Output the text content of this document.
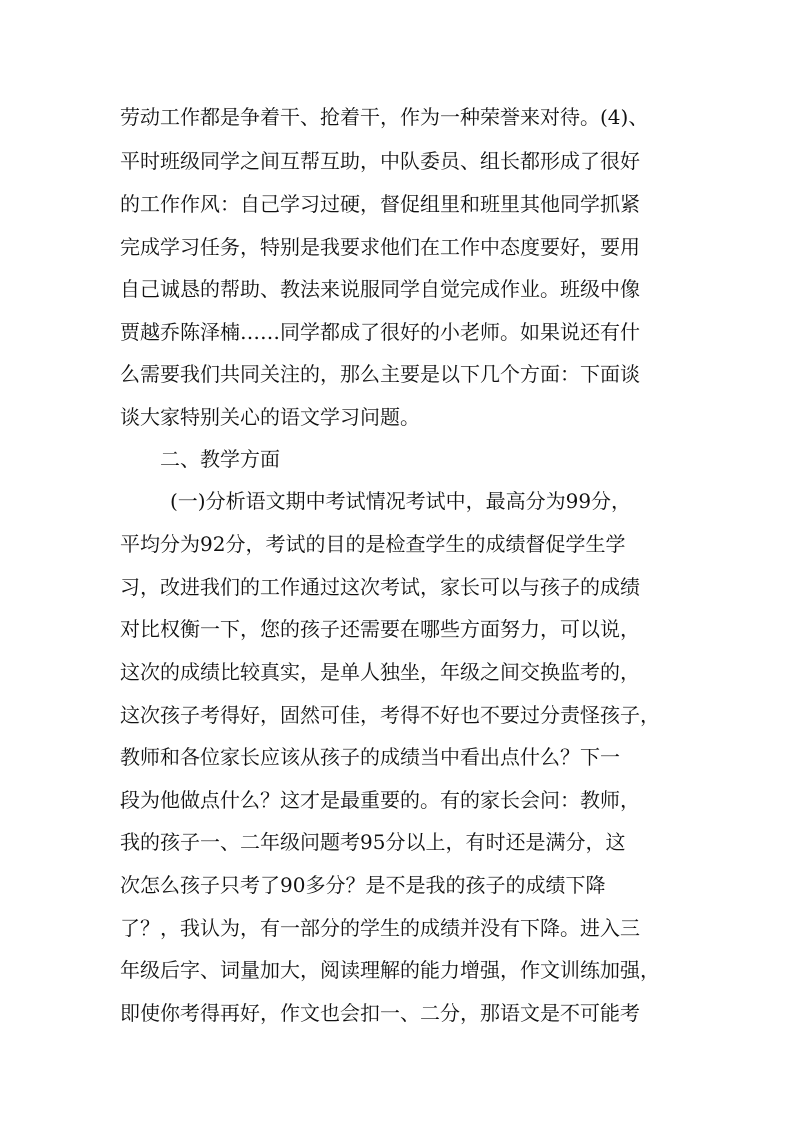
劳动工作都是争着干、抢着干，作为一种荣誉来对待。(4)、
平时班级同学之间互帮互助，中队委员、组长都形成了很好
的工作作风：自己学习过硬，督促组里和班里其他同学抓紧
完成学习任务，特别是我要求他们在工作中态度要好，要用
自己诚恳的帮助、教法来说服同学自觉完成作业。班级中像
贾越乔陈泽楠……同学都成了很好的小老师。如果说还有什
么需要我们共同关注的，那么主要是以下几个方面：下面谈
谈大家特别关心的语文学习问题。
二、教学方面
(一)分析语文期中考试情况考试中，最高分为99分，
平均分为92分，考试的目的是检查学生的成绩督促学生学
习，改进我们的工作通过这次考试，家长可以与孩子的成绩
对比权衡一下，您的孩子还需要在哪些方面努力，可以说，
这次的成绩比较真实，是单人独坐，年级之间交换监考的，
这次孩子考得好，固然可佳，考得不好也不要过分责怪孩子，
教师和各位家长应该从孩子的成绩当中看出点什么？下一
段为他做点什么？这才是最重要的。有的家长会问：教师，
我的孩子一、二年级问题考95分以上，有时还是满分，这
次怎么孩子只考了90多分？是不是我的孩子的成绩下降
了？，我认为，有一部分的学生的成绩并没有下降。进入三
年级后字、词量加大，阅读理解的能力增强，作文训练加强，
即使你考得再好，作文也会扣一、二分，那语文是不可能考
